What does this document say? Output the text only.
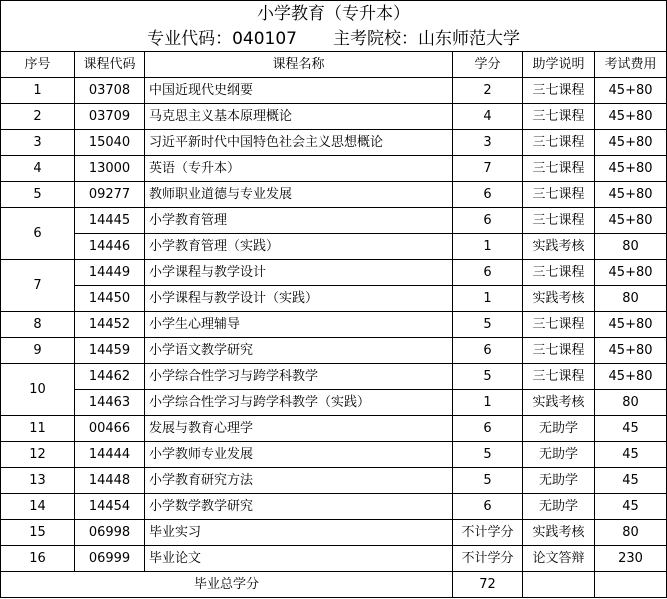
小学教育（专升本）					
专业代码：040107 主考院校：山东师范大学					
序号	课程代码	课程名称	学分	助学说明	考试费用
1	03708	中国近现代史纲要	2	三七课程	45+80
2	03709	马克思主义基本原理概论	4	三七课程	45+80
3	15040	习近平新时代中国特色社会主义思想概论	3	三七课程	45+80
4	13000	英语（专升本）	7	三七课程	45+80
5	09277	教师职业道德与专业发展	6	三七课程	45+80
6	14445	小学教育管理	6	三七课程	45+80
	14446	小学教育管理（实践）	1	实践考核	80
7	14449	小学课程与教学设计	6	三七课程	45+80
	14450	小学课程与教学设计（实践）	1	实践考核	80
8	14452	小学生心理辅导	5	三七课程	45+80
9	14459	小学语文教学研究	6	三七课程	45+80
10	14462	小学综合性学习与跨学科教学	5	三七课程	45+80
	14463	小学综合性学习与跨学科教学（实践）	1	实践考核	80
11	00466	发展与教育心理学	6	无助学	45
12	14444	小学教师专业发展	5	无助学	45
13	14448	小学教育研究方法	5	无助学	45
14	14454	小学数学教学研究	6	无助学	45
15	06998	毕业实习	不计学分	实践考核	80
16	06999	毕业论文	不计学分	论文答辩	230
毕业总学分			72		
